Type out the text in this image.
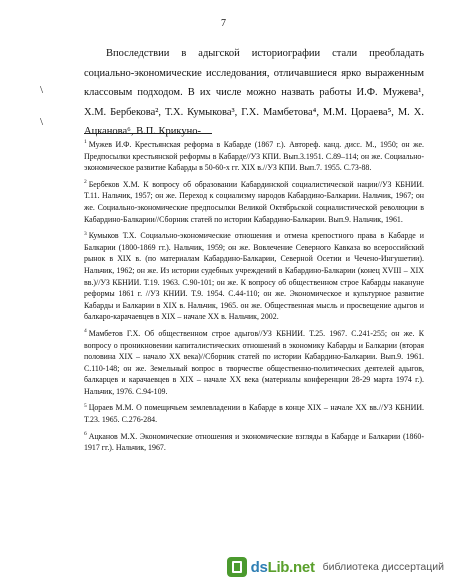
7
\
\

Впоследствии в адыгской историографии стали преобладать социально-экономические исследования, отличавшиеся ярко выраженным классовым подходом. В их числе можно назвать работы И.Ф. Мужева¹, Х.М. Бербекова², Т.Х. Кумыкова³, Г.Х. Мамбетова⁴, М.М. Цораева⁵, М. Х. Ацканова⁶, В.П. Крикуно-

$^1$ Мужев И.Ф. Крестьянская реформа в Кабарде (1867 г.). Автореф. канд. дисс. М., 1950; он же. Предпосылки крестьянской реформы в Кабарде//УЗ КПИ. Вып.3.1951. С.89–114; он же. Социально-экономическое развитие Кабарды в 50-60-х гг. XIX в.//УЗ КПИ. Вып.7. 1955. С.73-88.

$^2$ Бербеков Х.М. К вопросу об образовании Кабардинской социалистической нации//УЗ КБНИИ. Т.11. Нальчик, 1957; он же. Переход к социализму народов Кабардино-Балкарии. Нальчик, 1967; он же. Социально-экономические предпосылки Великой Октябрьской социалистической революции в Кабардино-Балкарии//Сборник статей по истории Кабардино-Балкарии. Вып.9. Нальчик, 1961.

$^3$ Кумыков Т.Х. Социально-экономические отношения и отмена крепостного права в Кабарде и Балкарии (1800-1869 гг.). Нальчик, 1959; он же. Вовлечение Северного Кавказа во всероссийский рынок в XIX в. (по материалам Кабардино-Балкарии, Северной Осетии и Чечено-Ингушетии). Нальчик, 1962; он же. Из истории судебных учреждений в Кабардино-Балкарии (конец XVIII – XIX вв.)//УЗ КБНИИ. Т.19. 1963. С.90-101; он же. К вопросу об общественном строе Кабарды накануне реформы 1861 г. //УЗ КНИИ. Т.9. 1954. С.44-110; он же. Экономическое и культурное развитие Кабарды и Балкарии в XIX в. Нальчик, 1965. он же. Общественная мысль и просвещение адыгов и балкаро-карачаевцев в XIX – начале XX в. Нальчик, 2002.

$^4$ Мамбетов Г.Х. Об общественном строе адыгов//УЗ КБНИИ. Т.25. 1967. С.241-255; он же. К вопросу о проникновении капиталистических отношений в экономику Кабарды и Балкарии (вторая половина XIX – начало XX века)//Сборник статей по истории Кабардино-Балкарии. Вып.9. 1961. С.110-148; он же. Земельный вопрос в творчестве общественно-политических деятелей адыгов, балкарцев и карачаевцев в XIX – начале XX века (материалы конференции 28-29 марта 1974 г.). Нальчик, 1976. С.94-109.

$^5$ Цораев М.М. О помещичьем землевладении в Кабарде в конце XIX – начале XX вв.//УЗ КБНИИ. Т.23. 1965. С.276-284.

$^6$ Ацканов М.Х. Экономические отношения и экономические взгляды в Кабарде и Балкарии (1860-1917 гг.). Нальчик, 1967.

dsLib.net библиотека диссертаций
